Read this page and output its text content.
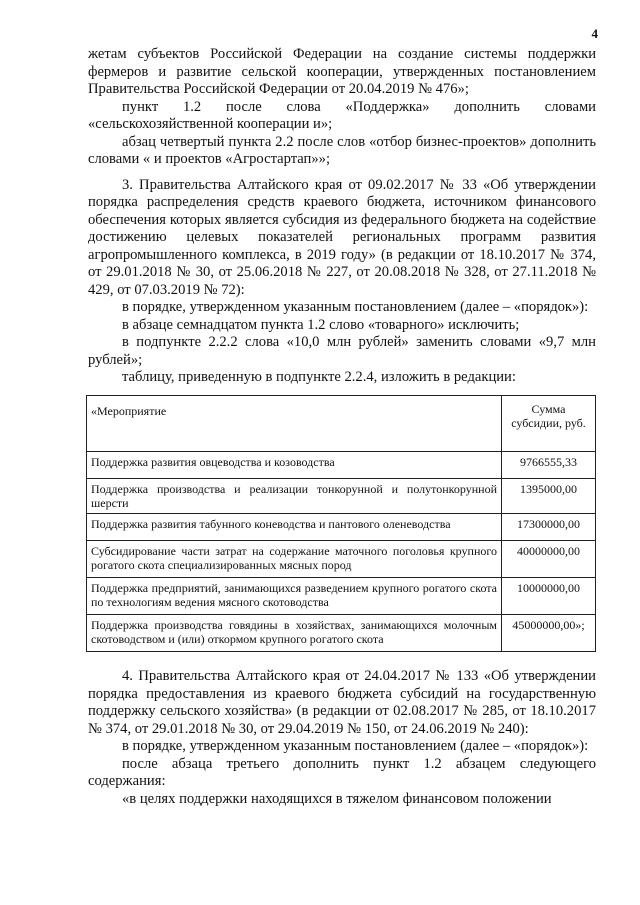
4

жетам субъектов Российской Федерации на создание системы поддержки фермеров и развитие сельской кооперации, утвержденных постановлением Правительства Российской Федерации от 20.04.2019 № 476»;

пункт 1.2 после слова «Поддержка» дополнить словами «сельскохозяйственной кооперации и»;

абзац четвертый пункта 2.2 после слов «отбор бизнес-проектов» дополнить словами « и проектов «Агростартап»»;

3. Правительства Алтайского края от 09.02.2017 № 33 «Об утверждении порядка распределения средств краевого бюджета, источником финансового обеспечения которых является субсидия из федерального бюджета на содействие достижению целевых показателей региональных программ развития агропромышленного комплекса, в 2019 году» (в редакции от 18.10.2017 № 374, от 29.01.2018 № 30, от 25.06.2018 № 227, от 20.08.2018 № 328, от 27.11.2018 № 429, от 07.03.2019 № 72):

в порядке, утвержденном указанным постановлением (далее – «порядок»):

в абзаце семнадцатом пункта 1.2 слово «товарного» исключить;

в подпункте 2.2.2 слова «10,0 млн рублей» заменить словами «9,7 млн рублей»;

таблицу, приведенную в подпункте 2.2.4, изложить в редакции:

«Мероприятие	Сумма субсидии, руб.
Поддержка развития овцеводства и козоводства	9766555,33
Поддержка производства и реализации тонкорунной и полутонкорунной шерсти	1395000,00
Поддержка развития табунного коневодства и пантового оленеводства	17300000,00
Субсидирование части затрат на содержание маточного поголовья крупного рогатого скота специализированных мясных пород	40000000,00
Поддержка предприятий, занимающихся разведением крупного рогатого скота по технологиям ведения мясного скотоводства	10000000,00
Поддержка производства говядины в хозяйствах, занимающихся молочным скотоводством и (или) откормом крупного рогатого скота	45000000,00»;

4. Правительства Алтайского края от 24.04.2017 № 133 «Об утверждении порядка предоставления из краевого бюджета субсидий на государственную поддержку сельского хозяйства» (в редакции от 02.08.2017 № 285, от 18.10.2017 № 374, от 29.01.2018 № 30, от 29.04.2019 № 150, от 24.06.2019 № 240):

в порядке, утвержденном указанным постановлением (далее – «порядок»):

после абзаца третьего дополнить пункт 1.2 абзацем следующего содержания:

«в целях поддержки находящихся в тяжелом финансовом положении
